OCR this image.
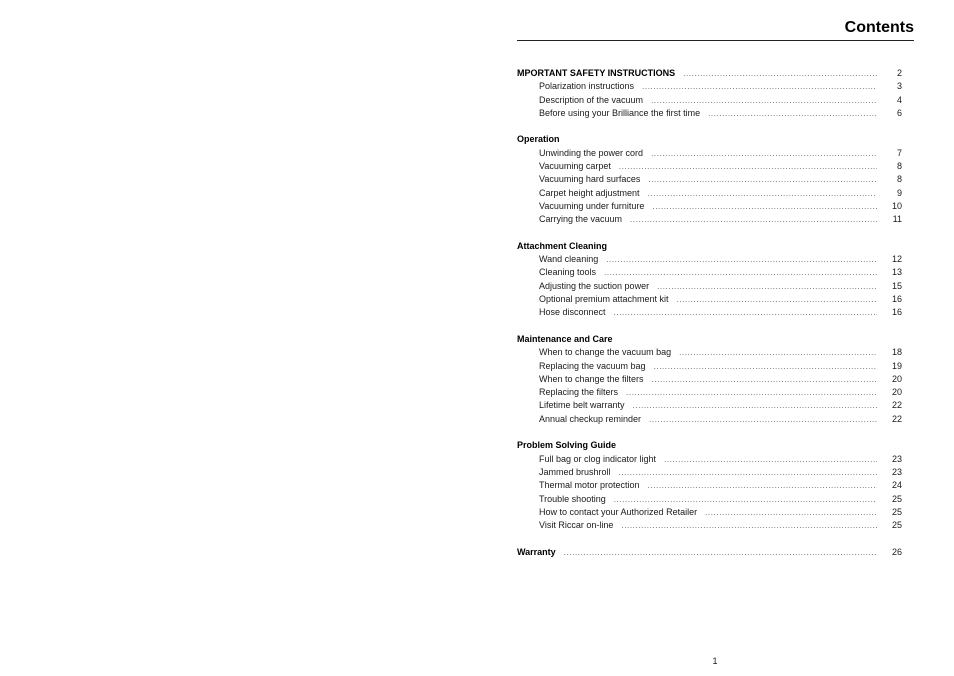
Contents
MPORTANT SAFETY INSTRUCTIONS .....	2
Polarization instructions .....	3
Description of the vacuum .....	4
Before using your Brilliance the first time .....	6
Operation
Unwinding the power cord .....	7
Vacuuming carpet .....	8
Vacuuming hard surfaces .....	8
Carpet height adjustment .....	9
Vacuuming under furniture .....	10
Carrying the vacuum .....	11
Attachment Cleaning
Wand cleaning .....	12
Cleaning tools .....	13
Adjusting the suction power .....	15
Optional premium attachment kit .....	16
Hose disconnect .....	16
Maintenance and Care
When to change the vacuum bag .....	18
Replacing the vacuum bag .....	19
When to change the filters .....	20
Replacing the filters .....	20
Lifetime belt warranty .....	22
Annual checkup reminder .....	22
Problem Solving Guide
Full bag or clog indicator light .....	23
Jammed brushroll .....	23
Thermal motor protection .....	24
Trouble shooting .....	25
How to contact your Authorized Retailer .....	25
Visit Riccar on-line .....	25
Warranty .....	26
1
